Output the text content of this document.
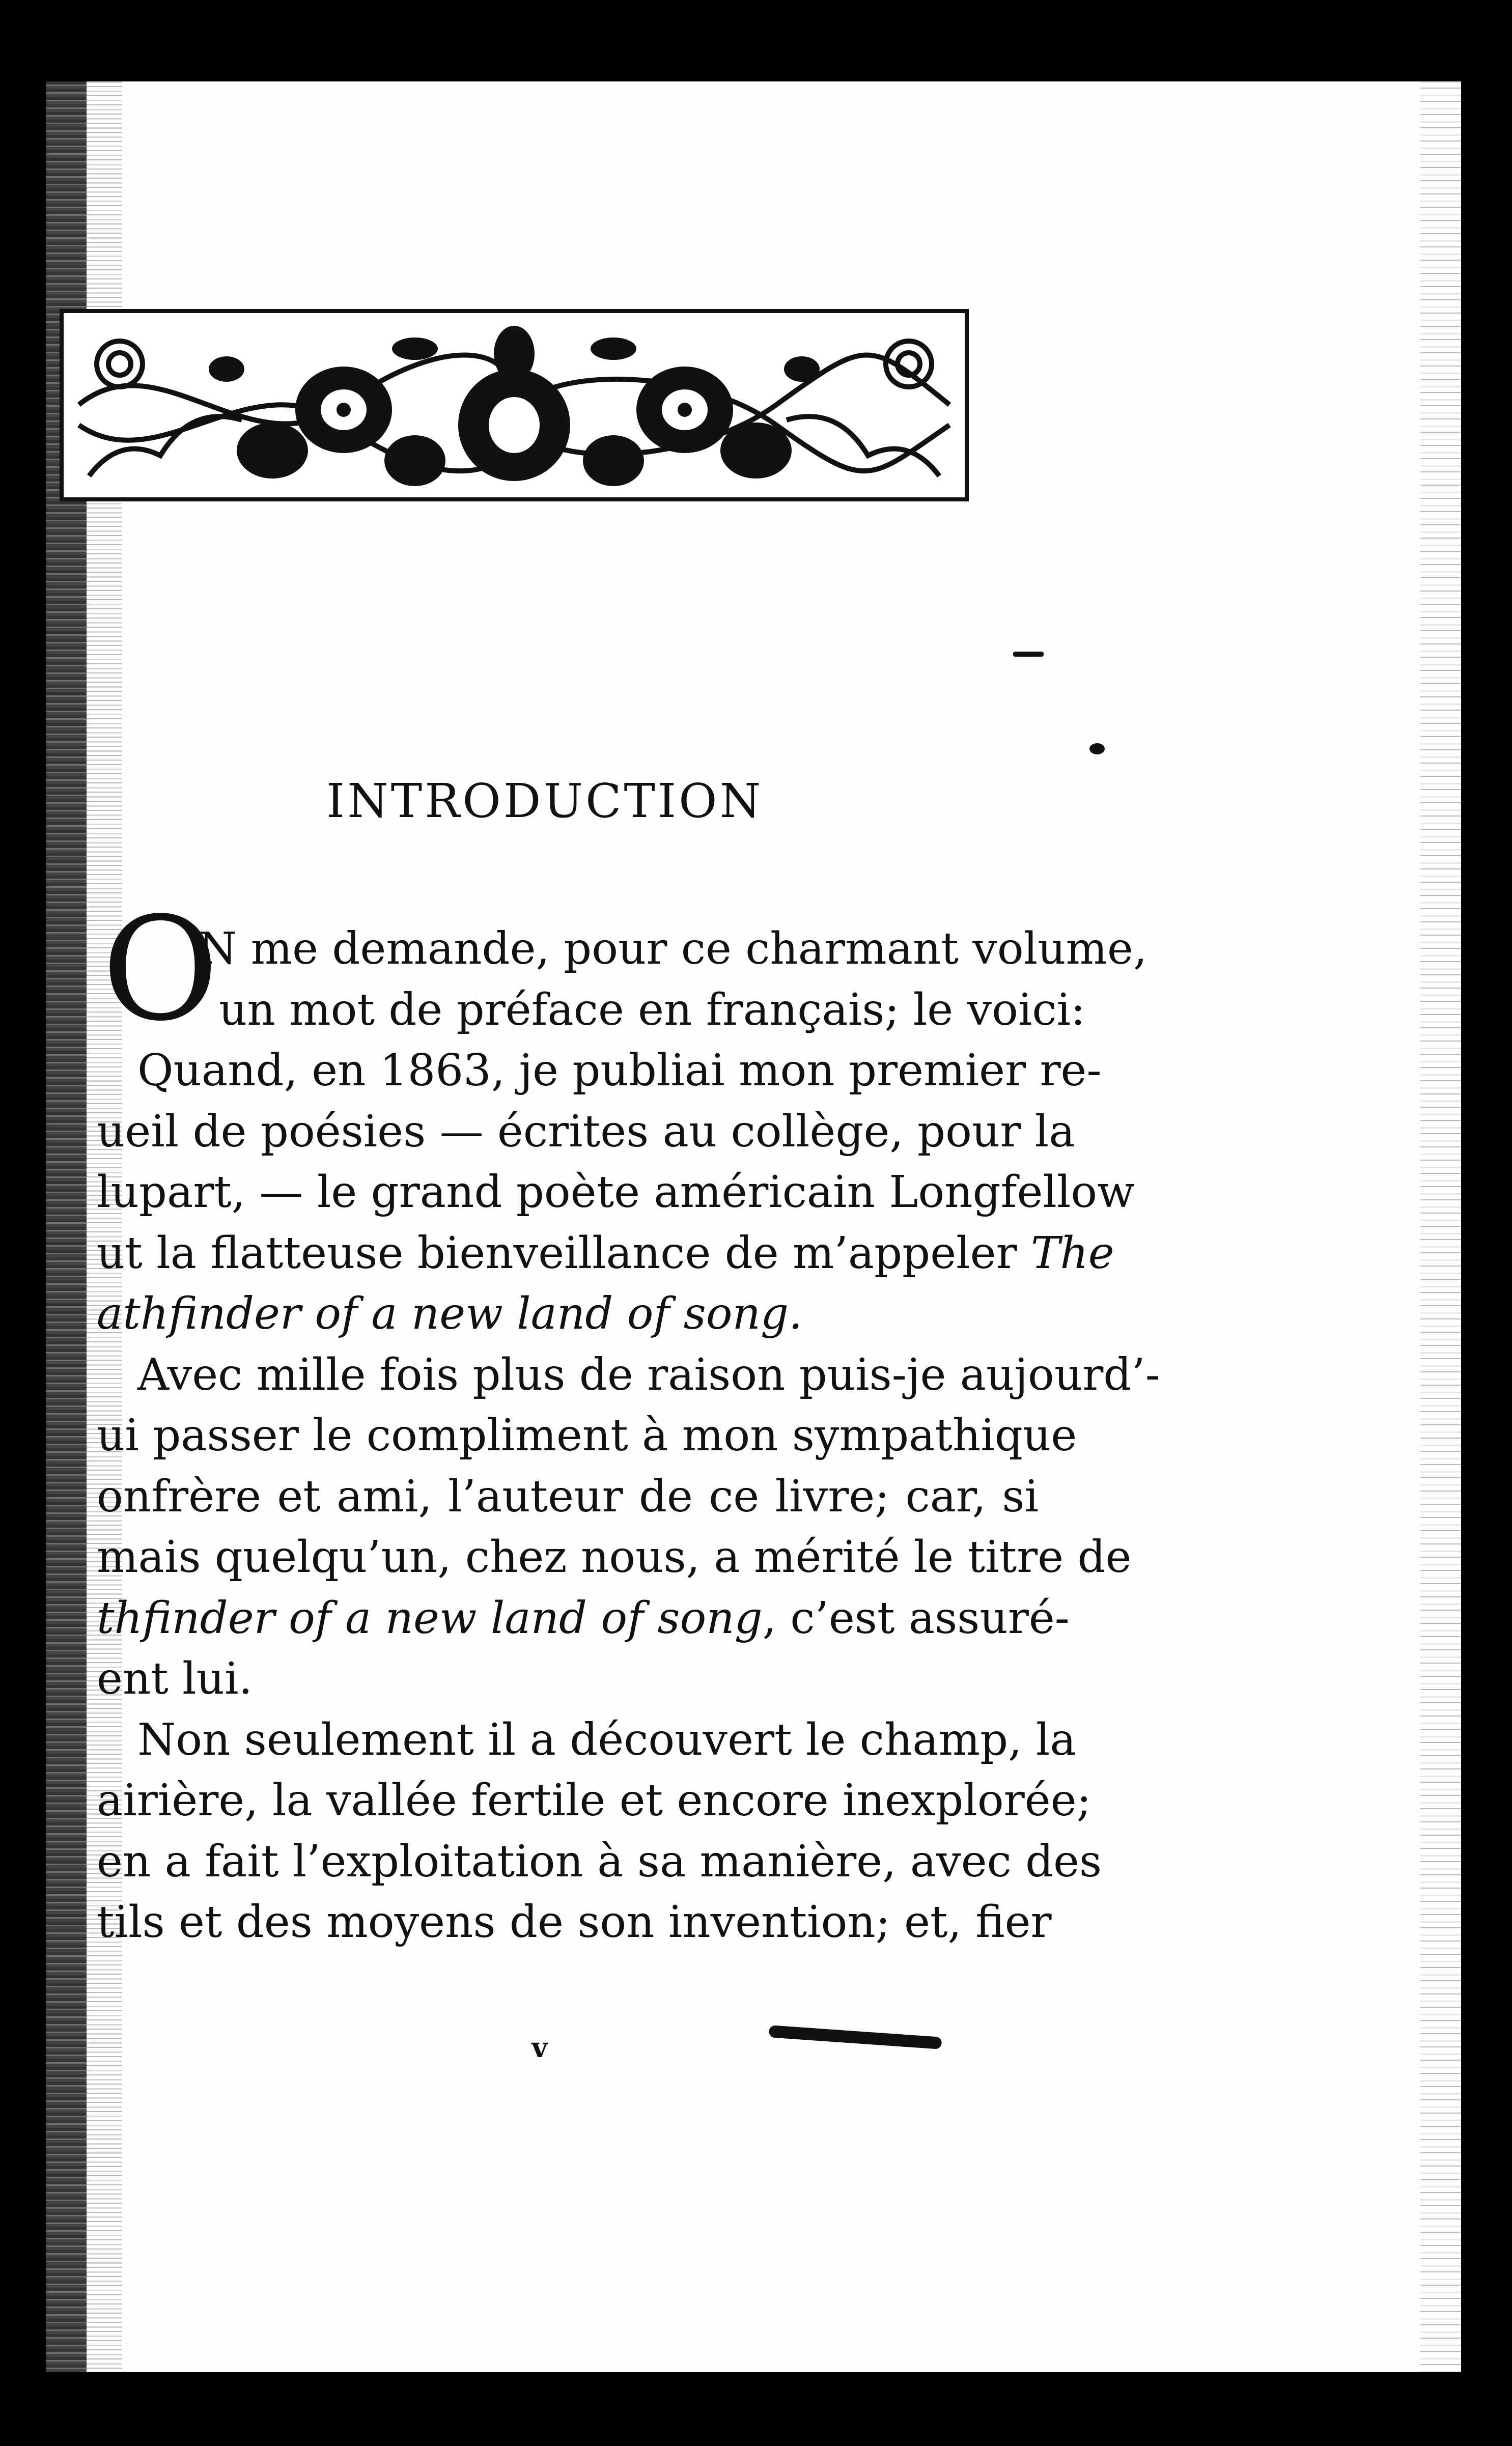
INTRODUCTION
O
N me demande, pour ce charmant volume,
un mot de préface en français; le voici:
Quand, en 1863, je publiai mon premier re-
ueil de poésies — écrites au collège, pour la
lupart, — le grand poète américain Longfellow
ut la flatteuse bienveillance de m’appeler The
athfinder of a new land of song.
Avec mille fois plus de raison puis-je aujourd’-
ui passer le compliment à mon sympathique
onfrère et ami, l’auteur de ce livre; car, si
mais quelqu’un, chez nous, a mérité le titre de
thfinder of a new land of song, c’est assuré-
ent lui.
Non seulement il a découvert le champ, la
airière, la vallée fertile et encore inexplorée;
en a fait l’exploitation à sa manière, avec des
tils et des moyens de son invention; et, fier
v
